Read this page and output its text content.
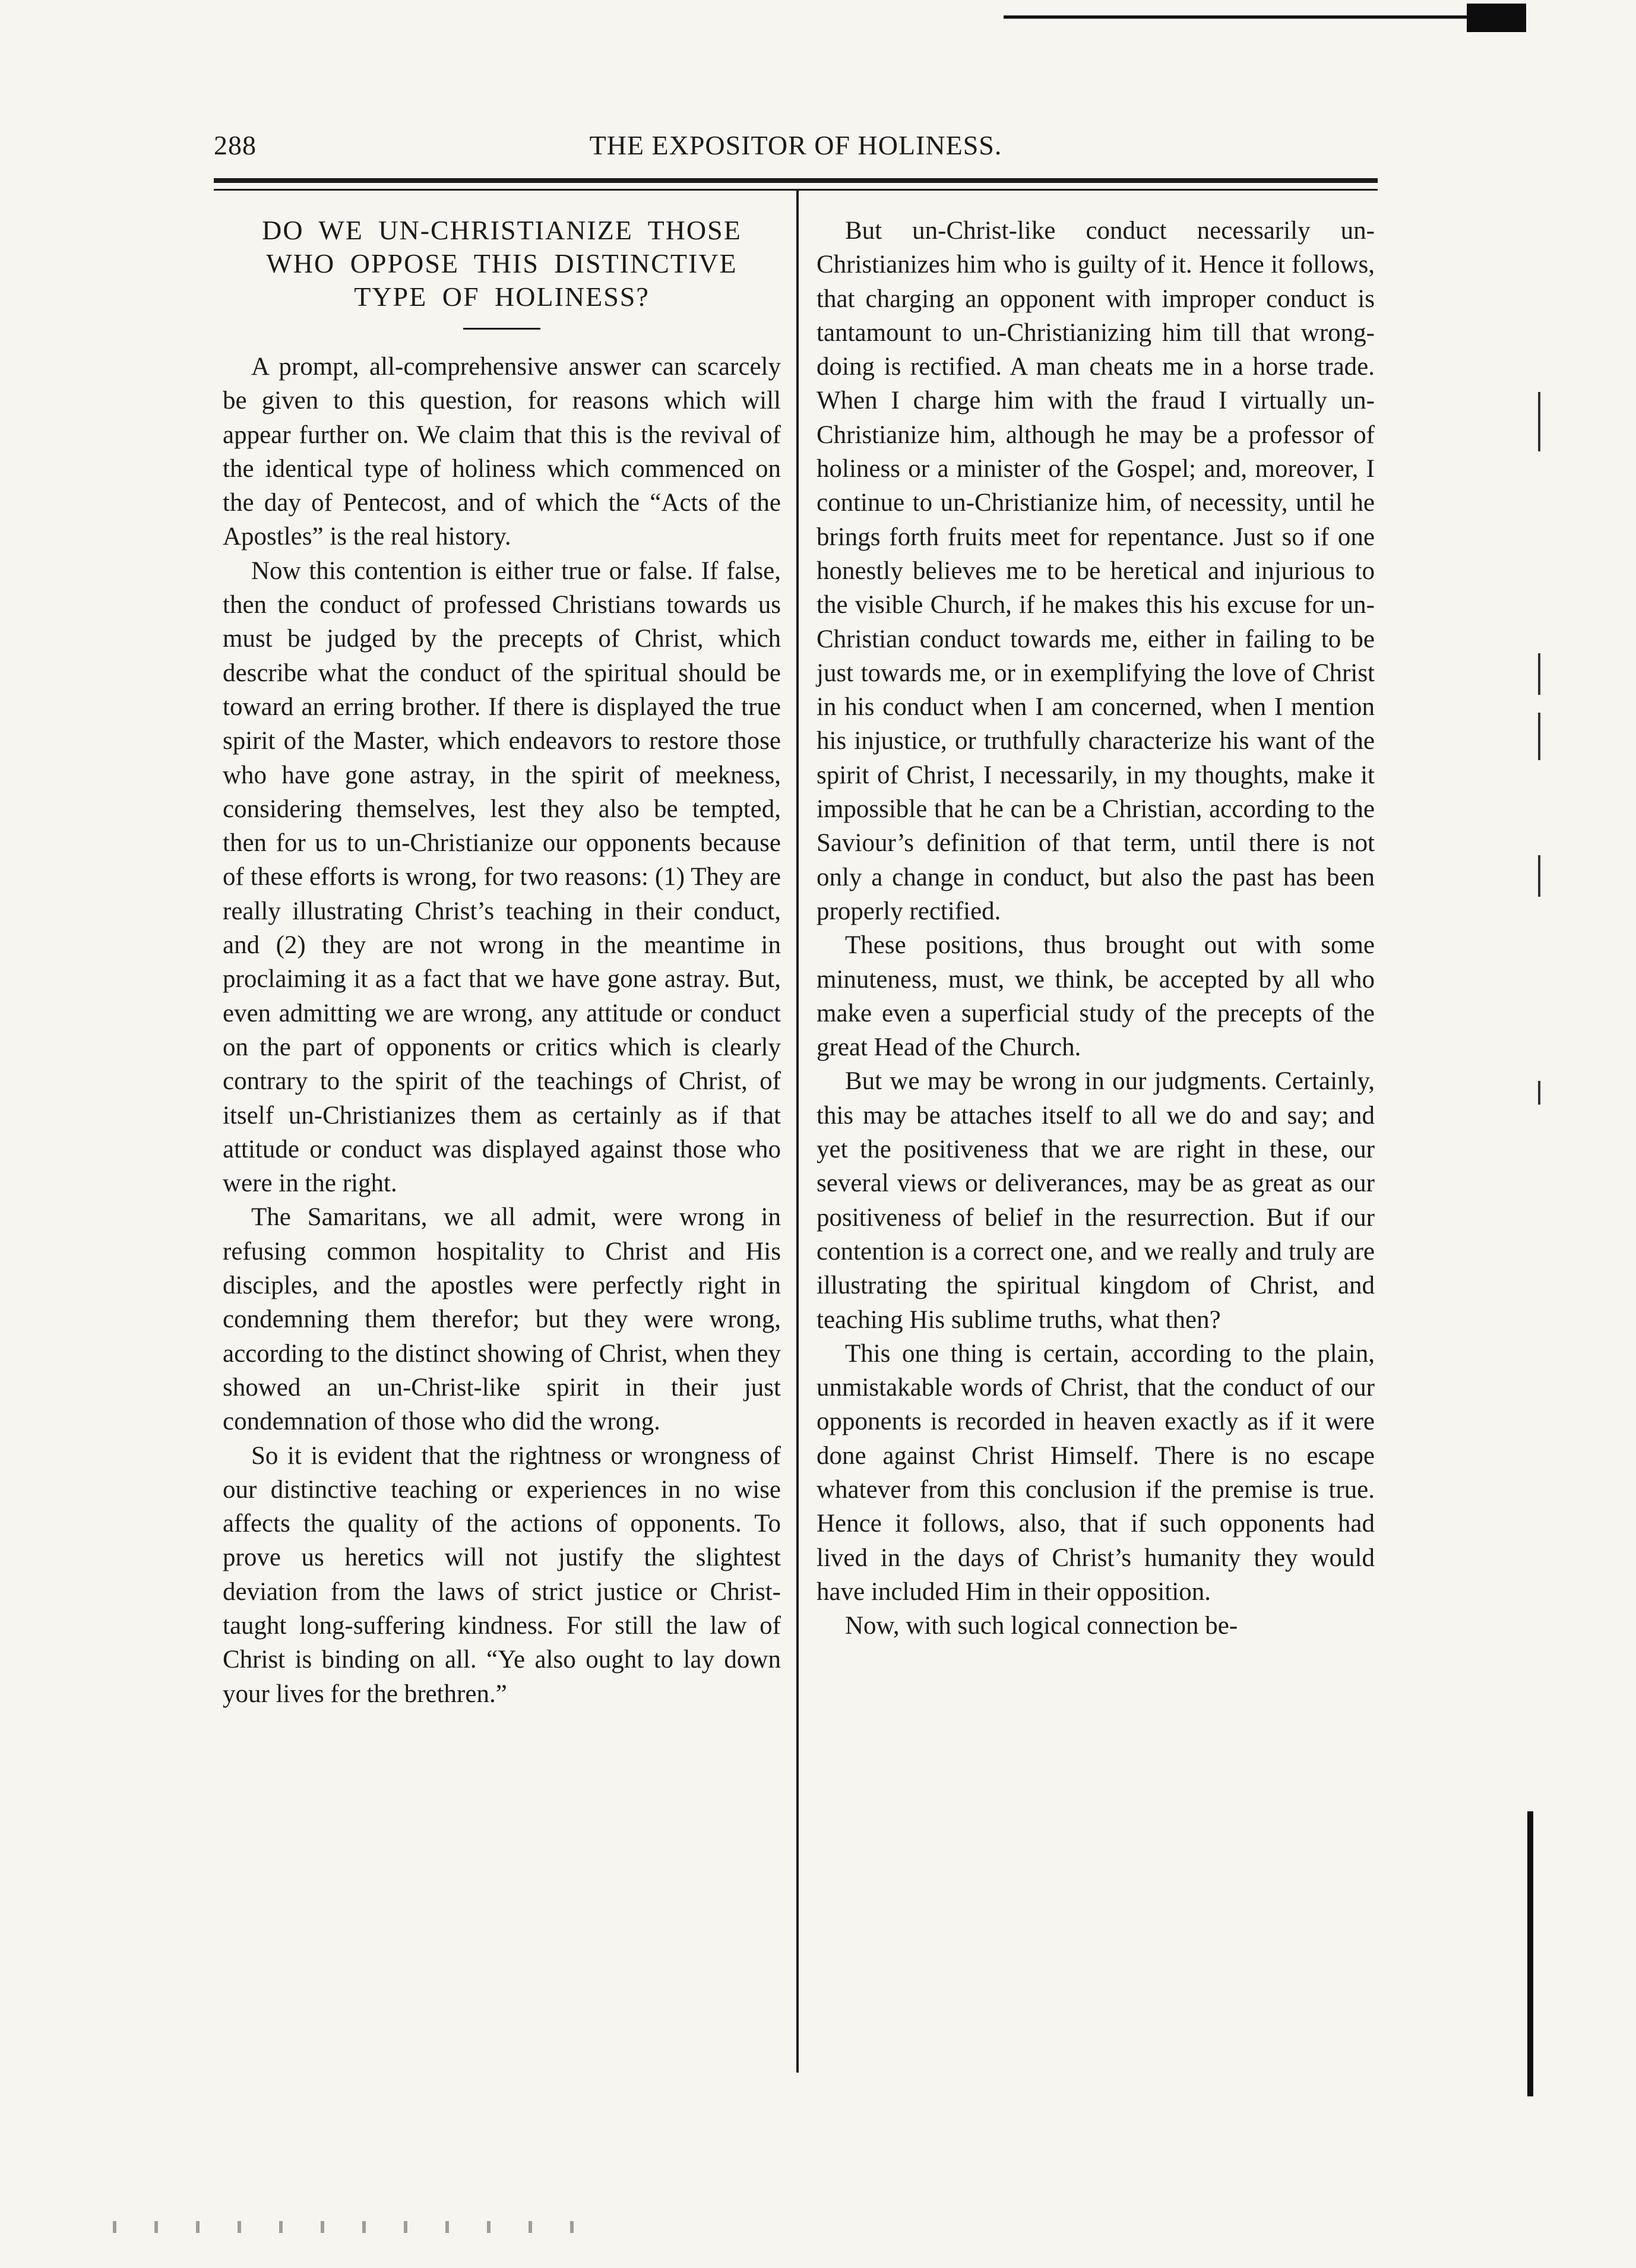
288	THE EXPOSITOR OF HOLINESS.
DO WE UN-CHRISTIANIZE THOSE WHO OPPOSE THIS DISTINCTIVE TYPE OF HOLINESS?

A prompt, all-comprehensive answer can scarcely be given to this question, for reasons which will appear further on. We claim that this is the revival of the identical type of holiness which commenced on the day of Pentecost, and of which the “Acts of the Apostles” is the real history.

Now this contention is either true or false. If false, then the conduct of professed Christians towards us must be judged by the precepts of Christ, which describe what the conduct of the spiritual should be toward an erring brother. If there is displayed the true spirit of the Master, which endeavors to restore those who have gone astray, in the spirit of meekness, considering themselves, lest they also be tempted, then for us to un-Christianize our opponents because of these efforts is wrong, for two reasons: (1) They are really illustrating Christ’s teaching in their conduct, and (2) they are not wrong in the meantime in proclaiming it as a fact that we have gone astray. But, even admitting we are wrong, any attitude or conduct on the part of opponents or critics which is clearly contrary to the spirit of the teachings of Christ, of itself un-Christianizes them as certainly as if that attitude or conduct was displayed against those who were in the right.

The Samaritans, we all admit, were wrong in refusing common hospitality to Christ and His disciples, and the apostles were perfectly right in condemning them therefor; but they were wrong, according to the distinct showing of Christ, when they showed an un-Christ-like spirit in their just condemnation of those who did the wrong.

So it is evident that the rightness or wrongness of our distinctive teaching or experiences in no wise affects the quality of the actions of opponents. To prove us heretics will not justify the slightest deviation from the laws of strict justice or Christ-taught long-suffering kindness. For still the law of Christ is binding on all. “Ye also ought to lay down your lives for the brethren.”

But un-Christ-like conduct necessarily un-Christianizes him who is guilty of it. Hence it follows, that charging an opponent with improper conduct is tantamount to un-Christianizing him till that wrong-doing is rectified. A man cheats me in a horse trade. When I charge him with the fraud I virtually un-Christianize him, although he may be a professor of holiness or a minister of the Gospel; and, moreover, I continue to un-Christianize him, of necessity, until he brings forth fruits meet for repentance. Just so if one honestly believes me to be heretical and injurious to the visible Church, if he makes this his excuse for un-Christian conduct towards me, either in failing to be just towards me, or in exemplifying the love of Christ in his conduct when I am concerned, when I mention his injustice, or truthfully characterize his want of the spirit of Christ, I necessarily, in my thoughts, make it impossible that he can be a Christian, according to the Saviour’s definition of that term, until there is not only a change in conduct, but also the past has been properly rectified.

These positions, thus brought out with some minuteness, must, we think, be accepted by all who make even a superficial study of the precepts of the great Head of the Church.

But we may be wrong in our judgments. Certainly, this may be attaches itself to all we do and say; and yet the positiveness that we are right in these, our several views or deliverances, may be as great as our positiveness of belief in the resurrection. But if our contention is a correct one, and we really and truly are illustrating the spiritual kingdom of Christ, and teaching His sublime truths, what then?

This one thing is certain, according to the plain, unmistakable words of Christ, that the conduct of our opponents is recorded in heaven exactly as if it were done against Christ Himself. There is no escape whatever from this conclusion if the premise is true. Hence it follows, also, that if such opponents had lived in the days of Christ’s humanity they would have included Him in their opposition.

Now, with such logical connection be-
